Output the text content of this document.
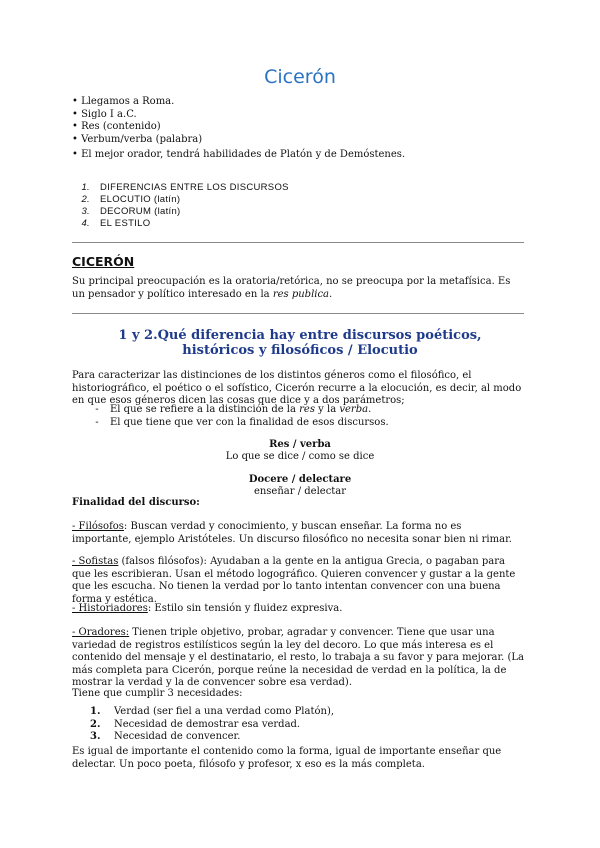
Cicerón
• Llegamos a Roma.
• Siglo I a.C.
• Res (contenido)
• Verbum/verba (palabra)
• El mejor orador, tendrá habilidades de Platón y de Demóstenes.
1. DIFERENCIAS ENTRE LOS DISCURSOS
2. ELOCUTIO (latín)
3. DECORUM (latín)
4. EL ESTILO
CICERÓN
Su principal preocupación es la oratoria/retórica, no se preocupa por la metafísica. Es un pensador y político interesado en la res publica.
1 y 2.Qué diferencia hay entre discursos poéticos,
históricos y filosóficos / Elocutio
Para caracterizar las distinciones de los distintos géneros como el filosófico, el historiográfico, el poético o el sofístico, Cicerón recurre a la elocución, es decir, al modo en que esos géneros dicen las cosas que dice y a dos parámetros;
- El que se refiere a la distinción de la res y la verba.
- El que tiene que ver con la finalidad de esos discursos.
Res / verba
Lo que se dice / como se dice
Docere / delectare
enseñar / delectar
Finalidad del discurso:
- Filósofos: Buscan verdad y conocimiento, y buscan enseñar. La forma no es importante, ejemplo Aristóteles. Un discurso filosófico no necesita sonar bien ni rimar.
- Sofistas (falsos filósofos): Ayudaban a la gente en la antigua Grecia, o pagaban para que les escribieran. Usan el método logográfico. Quieren convencer y gustar a la gente que les escucha. No tienen la verdad por lo tanto intentan convencer con una buena forma y estética.
- Historiadores: Estilo sin tensión y fluidez expresiva.
- Oradores: Tienen triple objetivo, probar, agradar y convencer. Tiene que usar una variedad de registros estilísticos según la ley del decoro. Lo que más interesa es el contenido del mensaje y el destinatario, el resto, lo trabaja a su favor y para mejorar. (La más completa para Cicerón, porque reúne la necesidad de verdad en la política, la de mostrar la verdad y la de convencer sobre esa verdad).
Tiene que cumplir 3 necesidades:
1. Verdad (ser fiel a una verdad como Platón),
2. Necesidad de demostrar esa verdad.
3. Necesidad de convencer.
Es igual de importante el contenido como la forma, igual de importante enseñar que delectar. Un poco poeta, filósofo y profesor, x eso es la más completa.
